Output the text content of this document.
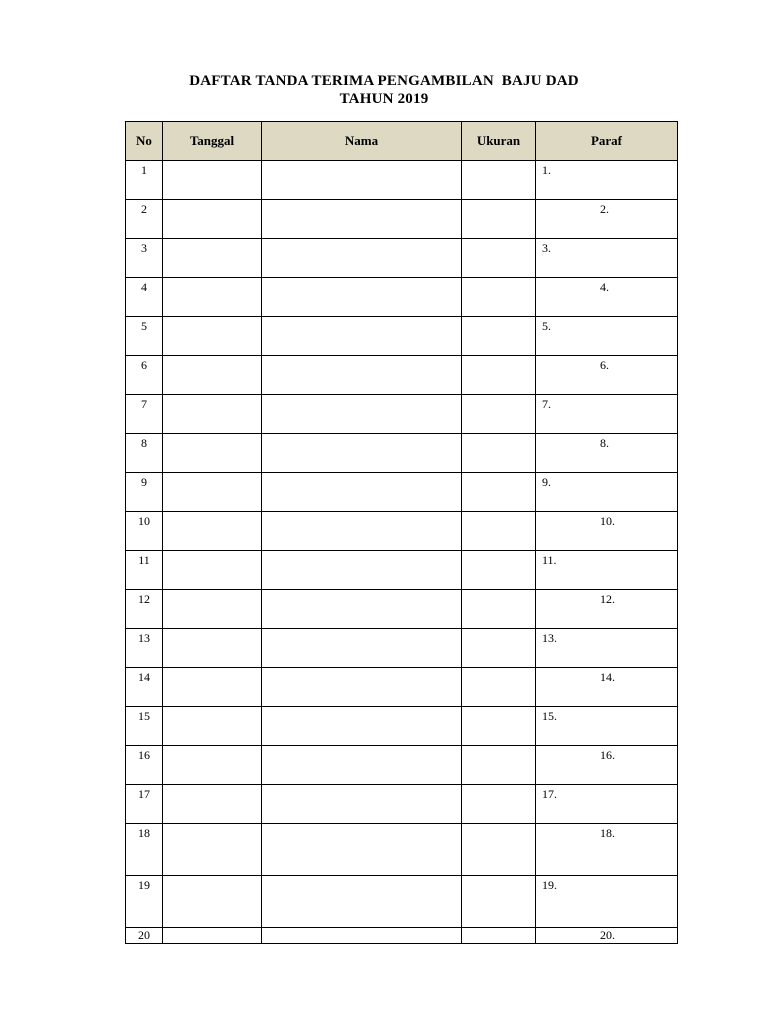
DAFTAR TANDA TERIMA PENGAMBILAN  BAJU DAD
TAHUN 2019
No	Tanggal	Nama	Ukuran	Paraf
1				1.
2				2.
3				3.
4				4.
5				5.
6				6.
7				7.
8				8.
9				9.
10				10.
11				11.
12				12.
13				13.
14				14.
15				15.
16				16.
17				17.
18				18.
19				19.
20				20.
